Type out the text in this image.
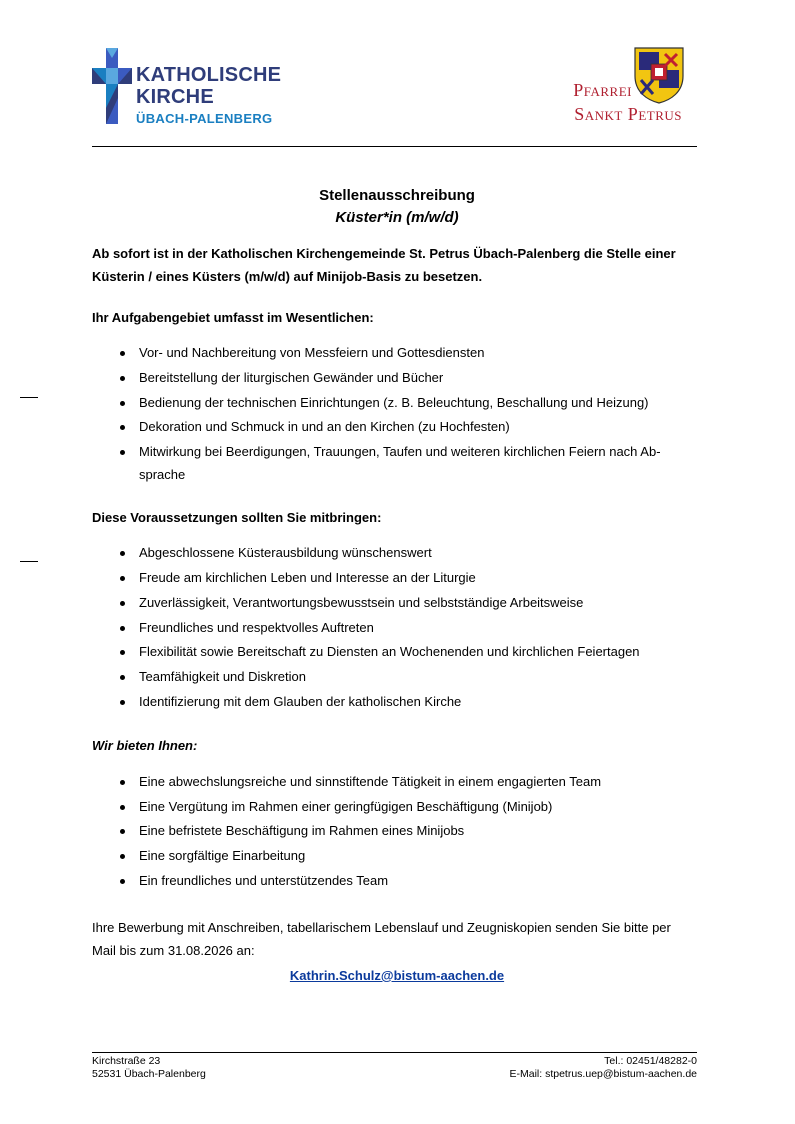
KATHOLISCHE
KIRCHE
ÜBACH-PALENBERG
Pfarrei
Sankt Petrus

Stellenausschreibung

Küster*in (m/w/d)

Ab sofort ist in der Katholischen Kirchengemeinde St. Petrus Übach-Palenberg die Stelle einer Küsterin / eines Küsters (m/w/d) auf Minijob-Basis zu besetzen.

Ihr Aufgabengebiet umfasst im Wesentlichen:

Vor- und Nachbereitung von Messfeiern und Gottesdiensten
Bereitstellung der liturgischen Gewänder und Bücher
Bedienung der technischen Einrichtungen (z. B. Beleuchtung, Beschallung und Heizung)
Dekoration und Schmuck in und an den Kirchen (zu Hochfesten)
Mitwirkung bei Beerdigungen, Trauungen, Taufen und weiteren kirchlichen Feiern nach Ab-sprache

Diese Voraussetzungen sollten Sie mitbringen:

Abgeschlossene Küsterausbildung wünschenswert
Freude am kirchlichen Leben und Interesse an der Liturgie
Zuverlässigkeit, Verantwortungsbewusstsein und selbstständige Arbeitsweise
Freundliches und respektvolles Auftreten
Flexibilität sowie Bereitschaft zu Diensten an Wochenenden und kirchlichen Feiertagen
Teamfähigkeit und Diskretion
Identifizierung mit dem Glauben der katholischen Kirche

Wir bieten Ihnen:

Eine abwechslungsreiche und sinnstiftende Tätigkeit in einem engagierten Team
Eine Vergütung im Rahmen einer geringfügigen Beschäftigung (Minijob)
Eine befristete Beschäftigung im Rahmen eines Minijobs
Eine sorgfältige Einarbeitung
Ein freundliches und unterstützendes Team

Ihre Bewerbung mit Anschreiben, tabellarischem Lebenslauf und Zeugniskopien senden Sie bitte per Mail bis zum 31.08.2026 an:

Kathrin.Schulz@bistum-aachen.de

Kirchstraße 23
52531 Übach-Palenberg
Tel.: 02451/48282-0
E-Mail: stpetrus.uep@bistum-aachen.de
